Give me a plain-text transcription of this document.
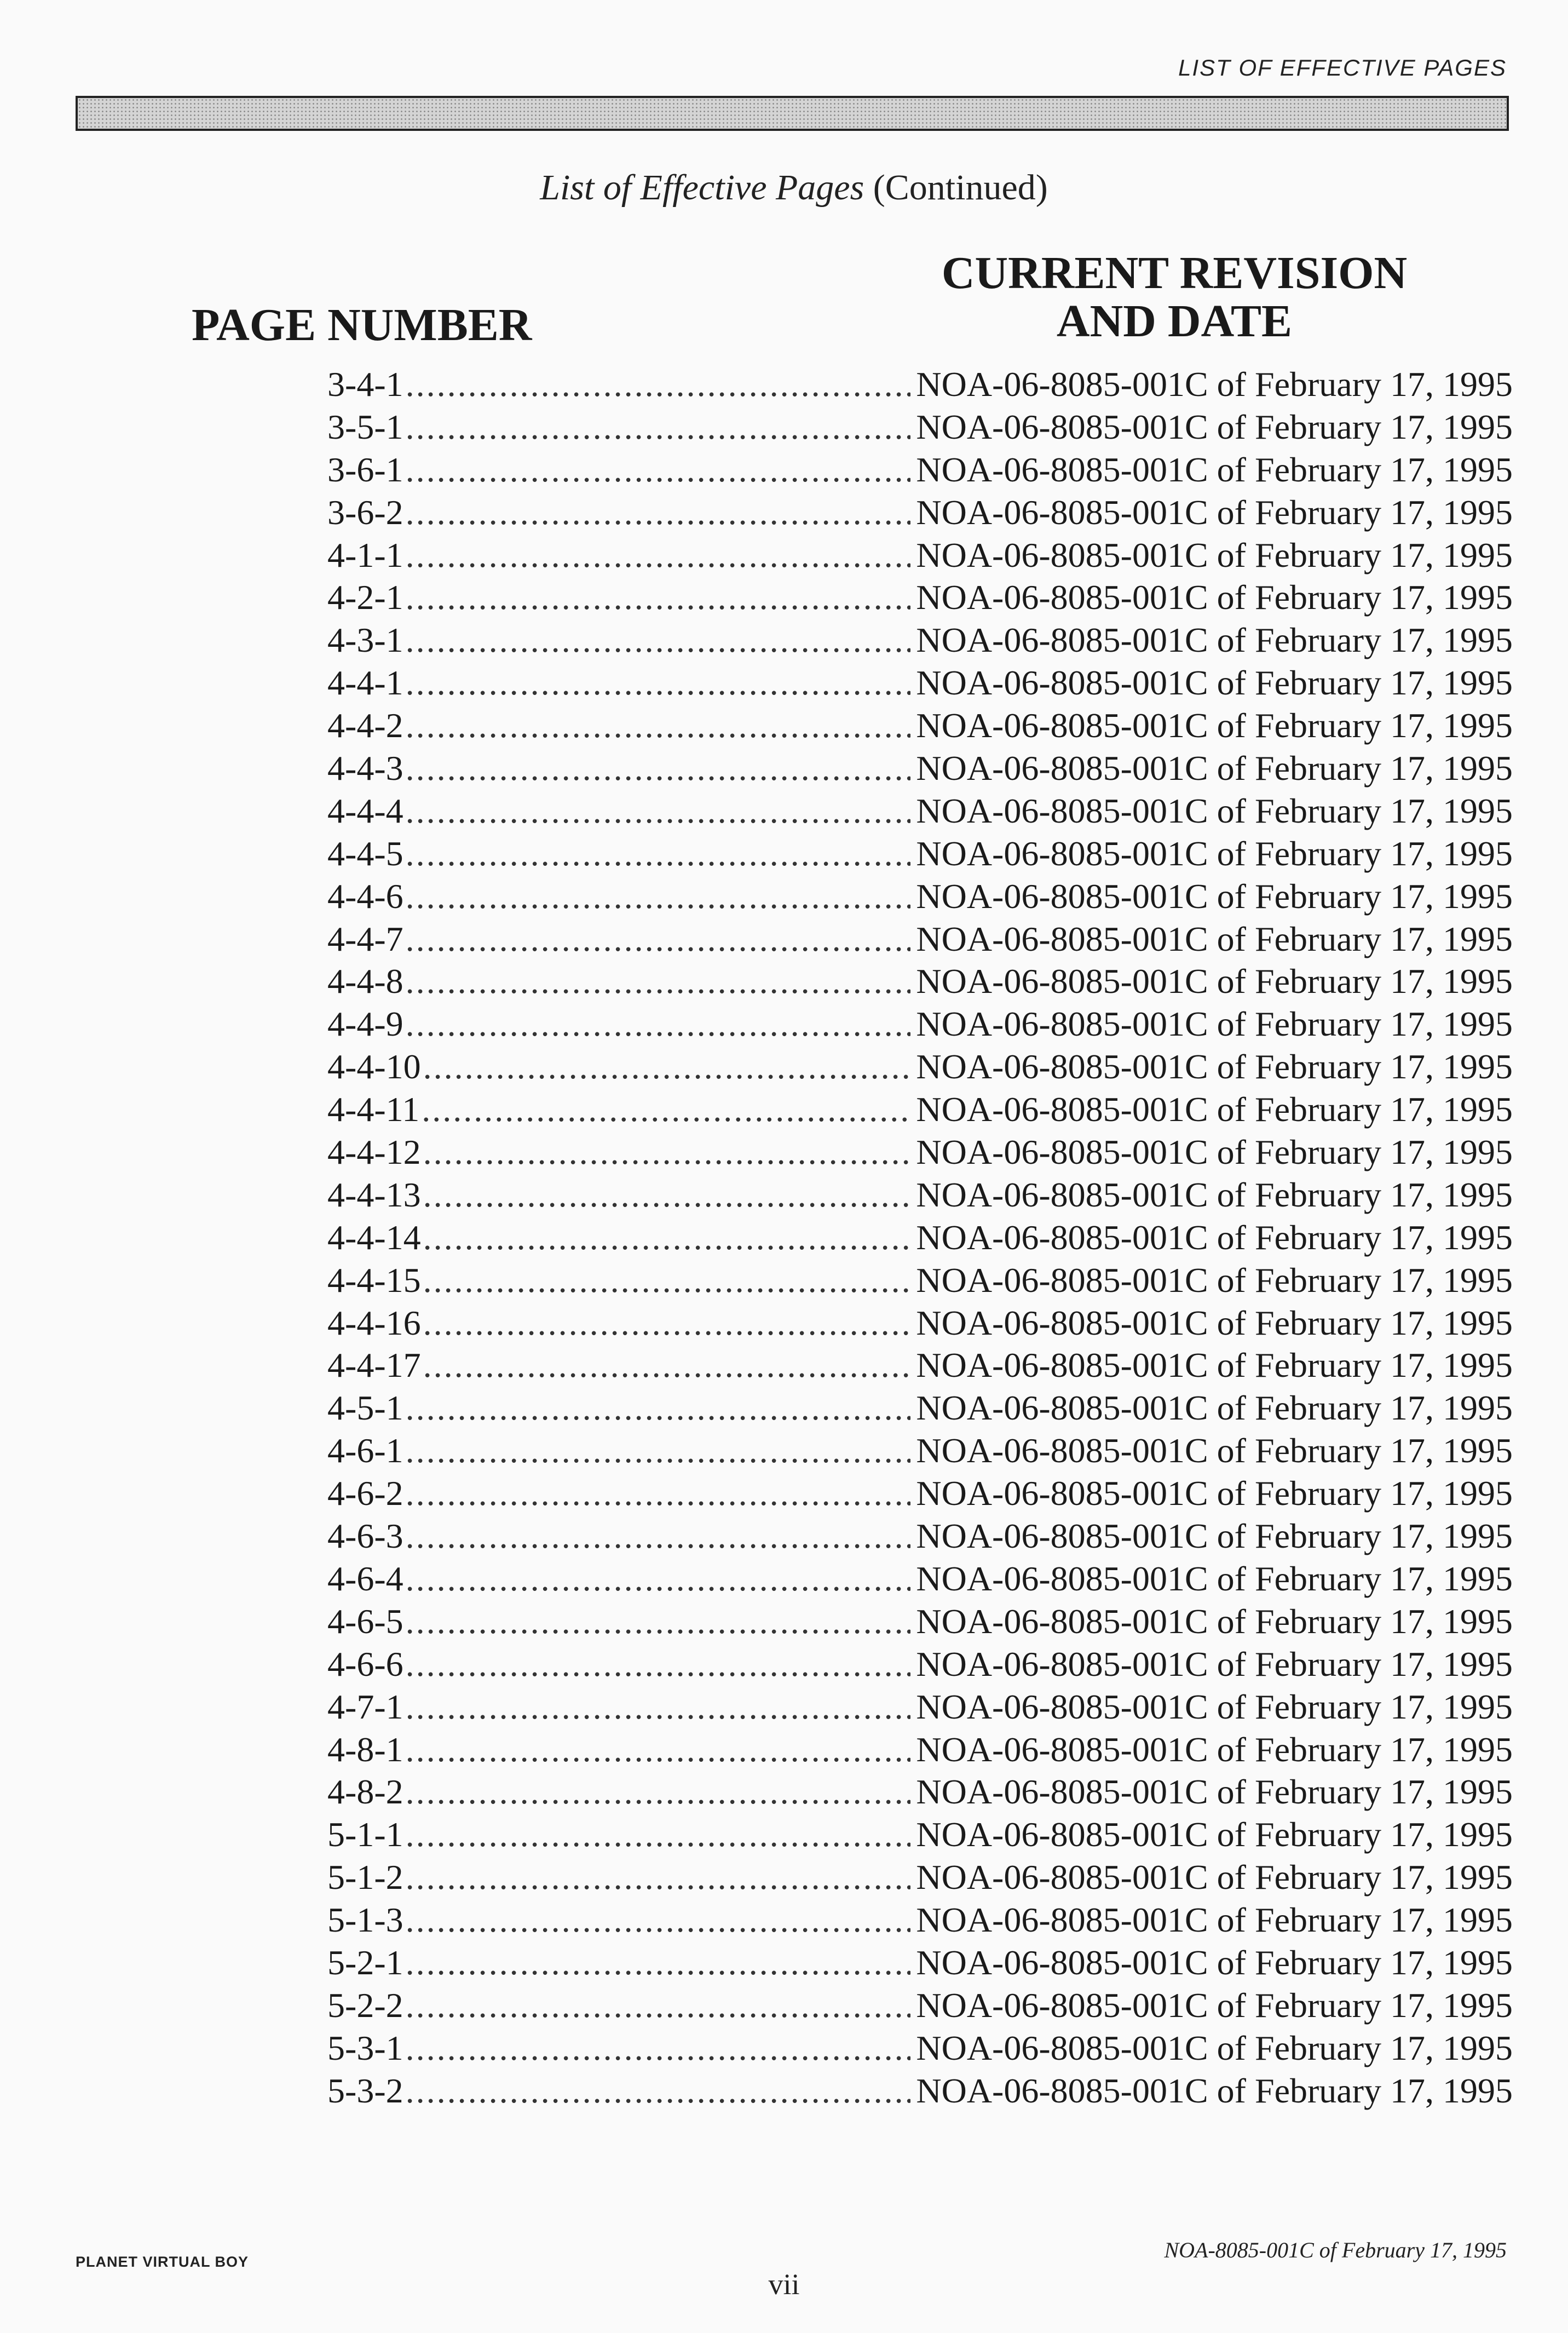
LIST OF EFFECTIVE PAGES
List of Effective Pages (Continued)
PAGE NUMBER
CURRENT REVISION
AND DATE
3-4-1 .....	NOA-06-8085-001C of February 17, 1995
3-5-1 .....	NOA-06-8085-001C of February 17, 1995
3-6-1 .....	NOA-06-8085-001C of February 17, 1995
3-6-2 .....	NOA-06-8085-001C of February 17, 1995
4-1-1 .....	NOA-06-8085-001C of February 17, 1995
4-2-1 .....	NOA-06-8085-001C of February 17, 1995
4-3-1 .....	NOA-06-8085-001C of February 17, 1995
4-4-1 .....	NOA-06-8085-001C of February 17, 1995
4-4-2 .....	NOA-06-8085-001C of February 17, 1995
4-4-3 .....	NOA-06-8085-001C of February 17, 1995
4-4-4 .....	NOA-06-8085-001C of February 17, 1995
4-4-5 .....	NOA-06-8085-001C of February 17, 1995
4-4-6 .....	NOA-06-8085-001C of February 17, 1995
4-4-7 .....	NOA-06-8085-001C of February 17, 1995
4-4-8 .....	NOA-06-8085-001C of February 17, 1995
4-4-9 .....	NOA-06-8085-001C of February 17, 1995
4-4-10 .....	NOA-06-8085-001C of February 17, 1995
4-4-11 .....	NOA-06-8085-001C of February 17, 1995
4-4-12 .....	NOA-06-8085-001C of February 17, 1995
4-4-13 .....	NOA-06-8085-001C of February 17, 1995
4-4-14 .....	NOA-06-8085-001C of February 17, 1995
4-4-15 .....	NOA-06-8085-001C of February 17, 1995
4-4-16 .....	NOA-06-8085-001C of February 17, 1995
4-4-17 .....	NOA-06-8085-001C of February 17, 1995
4-5-1 .....	NOA-06-8085-001C of February 17, 1995
4-6-1 .....	NOA-06-8085-001C of February 17, 1995
4-6-2 .....	NOA-06-8085-001C of February 17, 1995
4-6-3 .....	NOA-06-8085-001C of February 17, 1995
4-6-4 .....	NOA-06-8085-001C of February 17, 1995
4-6-5 .....	NOA-06-8085-001C of February 17, 1995
4-6-6 .....	NOA-06-8085-001C of February 17, 1995
4-7-1 .....	NOA-06-8085-001C of February 17, 1995
4-8-1 .....	NOA-06-8085-001C of February 17, 1995
4-8-2 .....	NOA-06-8085-001C of February 17, 1995
5-1-1 .....	NOA-06-8085-001C of February 17, 1995
5-1-2 .....	NOA-06-8085-001C of February 17, 1995
5-1-3 .....	NOA-06-8085-001C of February 17, 1995
5-2-1 .....	NOA-06-8085-001C of February 17, 1995
5-2-2 .....	NOA-06-8085-001C of February 17, 1995
5-3-1 .....	NOA-06-8085-001C of February 17, 1995
5-3-2 .....	NOA-06-8085-001C of February 17, 1995
PLANET VIRTUAL BOY	NOA-8085-001C of February 17, 1995
vii
